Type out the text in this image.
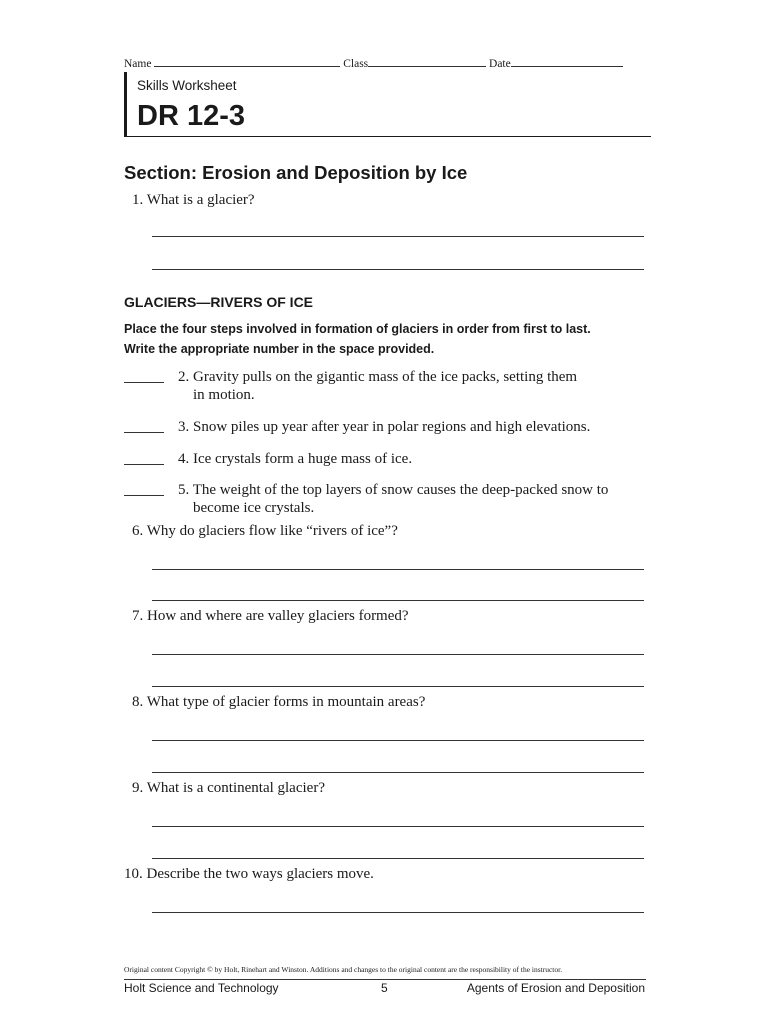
Name	Class	Date
Skills Worksheet
DR 12-3
Section: Erosion and Deposition by Ice
1. What is a glacier?
GLACIERS—RIVERS OF ICE
Place the four steps involved in formation of glaciers in order from first to last.
Write the appropriate number in the space provided.
2. Gravity pulls on the gigantic mass of the ice packs, setting them
in motion.
3. Snow piles up year after year in polar regions and high elevations.
4. Ice crystals form a huge mass of ice.
5. The weight of the top layers of snow causes the deep-packed snow to
become ice crystals.
6. Why do glaciers flow like “rivers of ice”?
7. How and where are valley glaciers formed?
8. What type of glacier forms in mountain areas?
9. What is a continental glacier?
10. Describe the two ways glaciers move.
Original content Copyright © by Holt, Rinehart and Winston. Additions and changes to the original content are the responsibility of the instructor.
Holt Science and Technology	5	Agents of Erosion and Deposition
